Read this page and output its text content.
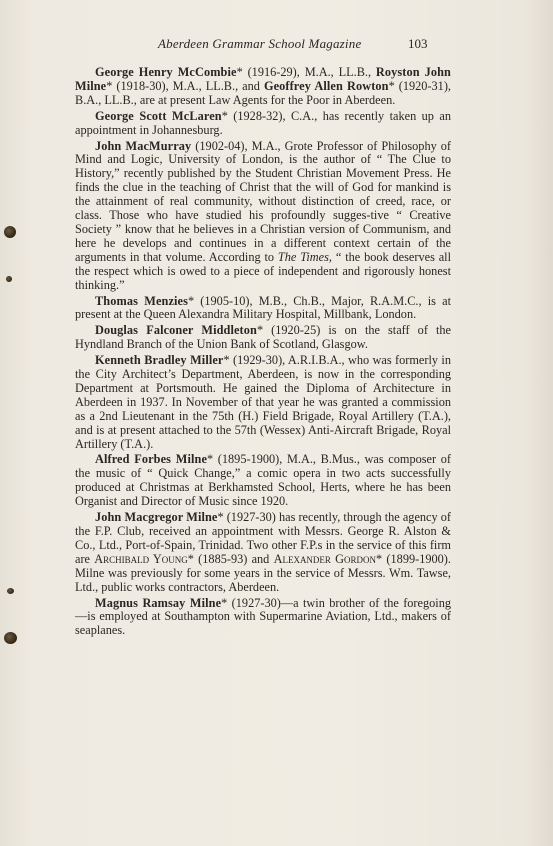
Aberdeen Grammar School Magazine	103

George Henry McCombie* (1916-29), M.A., LL.B., Royston John Milne* (1918-30), M.A., LL.B., and Geoffrey Allen Rowton* (1920-31), B.A., LL.B., are at present Law Agents for the Poor in Aberdeen.

George Scott McLaren* (1928-32), C.A., has recently taken up an appointment in Johannesburg.

John MacMurray (1902-04), M.A., Grote Professor of Philosophy of Mind and Logic, University of London, is the author of “ The Clue to History,” recently published by the Student Christian Movement Press. He finds the clue in the teaching of Christ that the will of God for mankind is the attainment of real community, without distinction of creed, race, or class. Those who have studied his profoundly sugges-tive “ Creative Society ” know that he believes in a Christian version of Communism, and here he develops and continues in a different context certain of the arguments in that volume. According to The Times, “ the book deserves all the respect which is owed to a piece of independent and rigorously honest thinking.”

Thomas Menzies* (1905-10), M.B., Ch.B., Major, R.A.M.C., is at present at the Queen Alexandra Military Hospital, Millbank, London.

Douglas Falconer Middleton* (1920-25) is on the staff of the Hyndland Branch of the Union Bank of Scotland, Glasgow.

Kenneth Bradley Miller* (1929-30), A.R.I.B.A., who was formerly in the City Architect’s Department, Aberdeen, is now in the corresponding Department at Portsmouth. He gained the Diploma of Architecture in Aberdeen in 1937. In November of that year he was granted a commission as a 2nd Lieutenant in the 75th (H.) Field Brigade, Royal Artillery (T.A.), and is at present attached to the 57th (Wessex) Anti-Aircraft Brigade, Royal Artillery (T.A.).

Alfred Forbes Milne* (1895-1900), M.A., B.Mus., was composer of the music of “ Quick Change,” a comic opera in two acts successfully produced at Christmas at Berkhamsted School, Herts, where he has been Organist and Director of Music since 1920.

John Macgregor Milne* (1927-30) has recently, through the agency of the F.P. Club, received an appointment with Messrs. George R. Alston & Co., Ltd., Port-of-Spain, Trinidad. Two other F.P.s in the service of this firm are Archibald Young* (1885-93) and Alexander Gordon* (1899-1900). Milne was previously for some years in the service of Messrs. Wm. Tawse, Ltd., public works contractors, Aberdeen.

Magnus Ramsay Milne* (1927-30)—a twin brother of the foregoing—is employed at Southampton with Supermarine Aviation, Ltd., makers of seaplanes.
